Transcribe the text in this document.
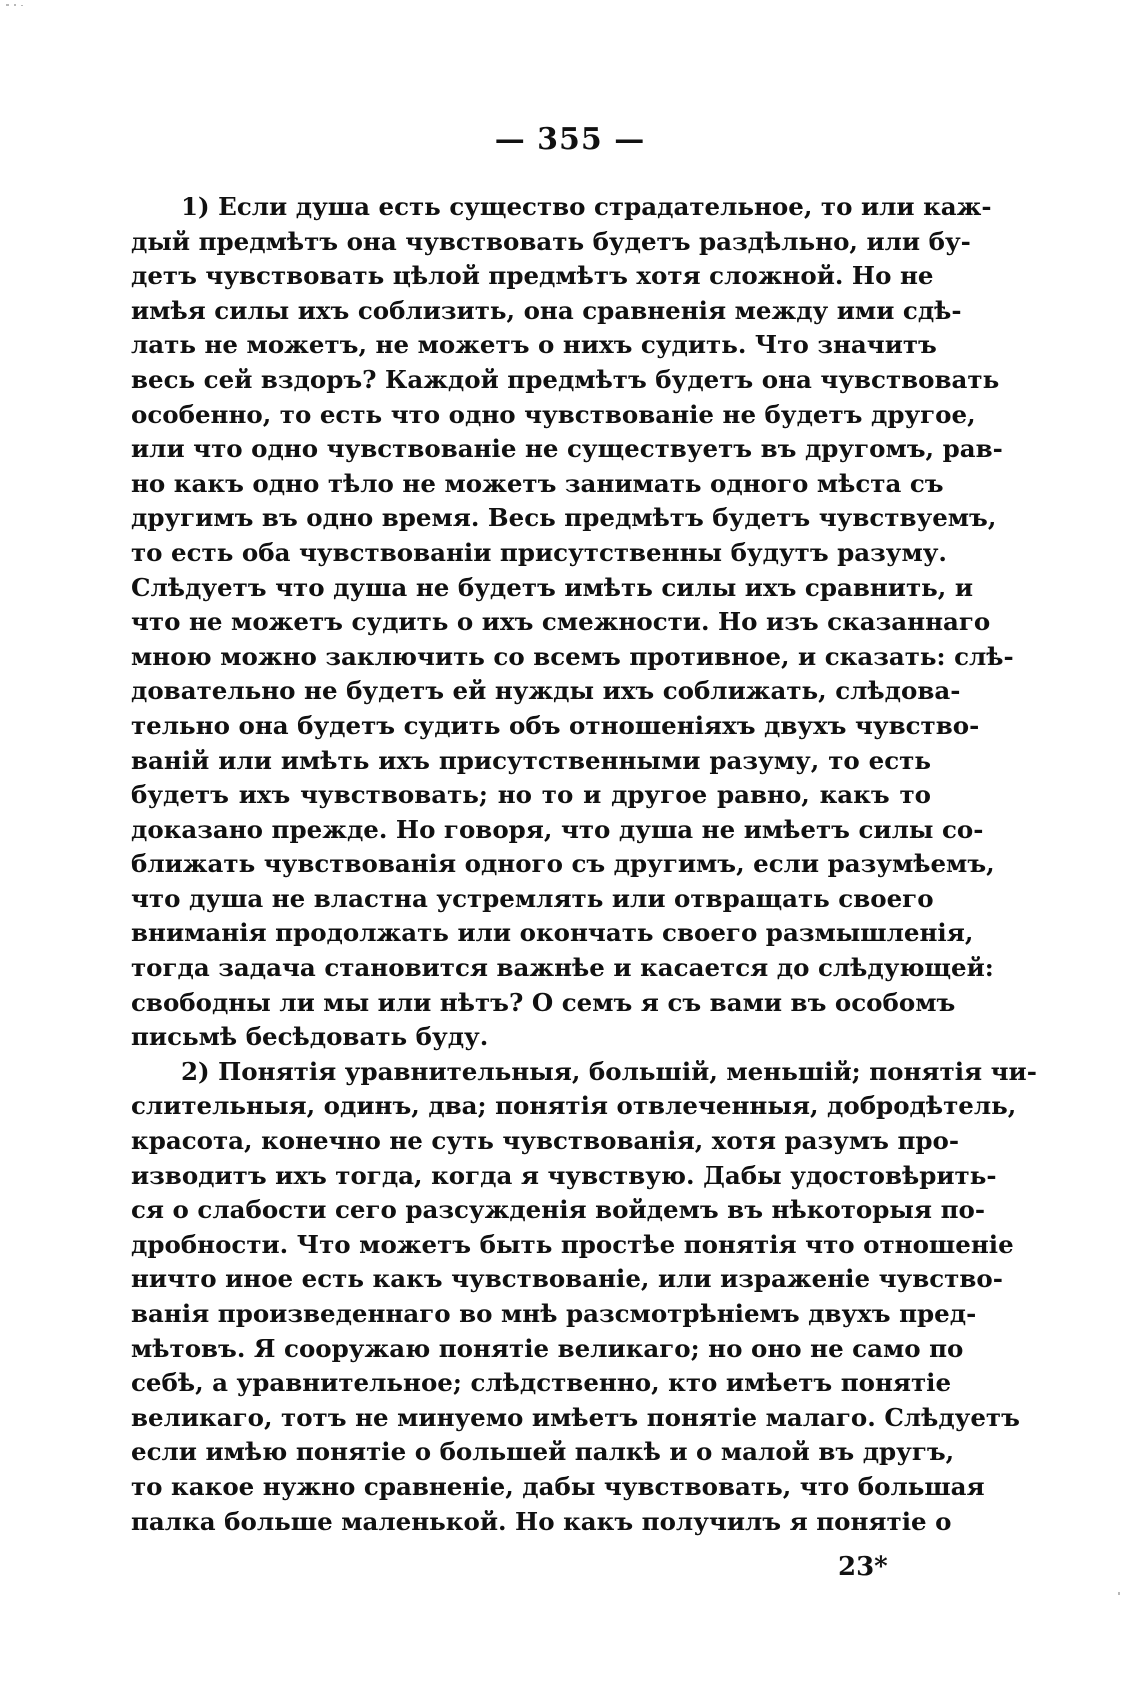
— 355 —
1) Если душа есть существо страдательное, то или каж-
дый предмѣтъ она чувствовать будетъ раздѣльно, или бу-
детъ чувствовать цѣлой предмѣтъ хотя сложной. Но не
имѣя силы ихъ соблизить, она сравненія между ими сдѣ-
лать не можетъ, не можетъ о нихъ судить. Что значитъ
весь сей вздоръ? Каждой предмѣтъ будетъ она чувствовать
особенно, то есть что одно чувствованіе не будетъ другое,
или что одно чувствованіе не существуетъ въ другомъ, рав-
но какъ одно тѣло не можетъ занимать одного мѣста съ
другимъ въ одно время. Весь предмѣтъ будетъ чувствуемъ,
то есть оба чувствованіи присутственны будутъ разуму.
Слѣдуетъ что душа не будетъ имѣть силы ихъ сравнить, и
что не можетъ судить о ихъ смежности. Но изъ сказаннаго
мною можно заключить со всемъ противное, и сказать: слѣ-
довательно не будетъ ей нужды ихъ соближать, слѣдова-
тельно она будетъ судить объ отношеніяхъ двухъ чувство-
ваній или имѣть ихъ присутственными разуму, то есть
будетъ ихъ чувствовать; но то и другое равно, какъ то
доказано прежде. Но говоря, что душа не имѣетъ силы со-
ближать чувствованія одного съ другимъ, если разумѣемъ,
что душа не властна устремлять или отвращать своего
вниманія продолжать или окончать своего размышленія,
тогда задача становится важнѣе и касается до слѣдующей:
свободны ли мы или нѣтъ? О семъ я съ вами въ особомъ
письмѣ бесѣдовать буду.
2) Понятія уравнительныя, большій, меньшій; понятія чи-
слительныя, одинъ, два; понятія отвлеченныя, добродѣтель,
красота, конечно не суть чувствованія, хотя разумъ про-
изводитъ ихъ тогда, когда я чувствую. Дабы удостовѣрить-
ся о слабости сего разсужденія войдемъ въ нѣкоторыя по-
дробности. Что можетъ быть простѣе понятія что отношеніе
ничто иное есть какъ чувствованіе, или израженіе чувство-
ванія произведеннаго во мнѣ разсмотрѣніемъ двухъ пред-
мѣтовъ. Я сооружаю понятіе великаго; но оно не само по
себѣ, а уравнительное; слѣдственно, кто имѣетъ понятіе
великаго, тотъ не минуемо имѣетъ понятіе малаго. Слѣдуетъ
если имѣю понятіе о большей палкѣ и о малой въ другъ,
то какое нужно сравненіе, дабы чувствовать, что большая
палка больше маленькой. Но какъ получилъ я понятіе о
23*
